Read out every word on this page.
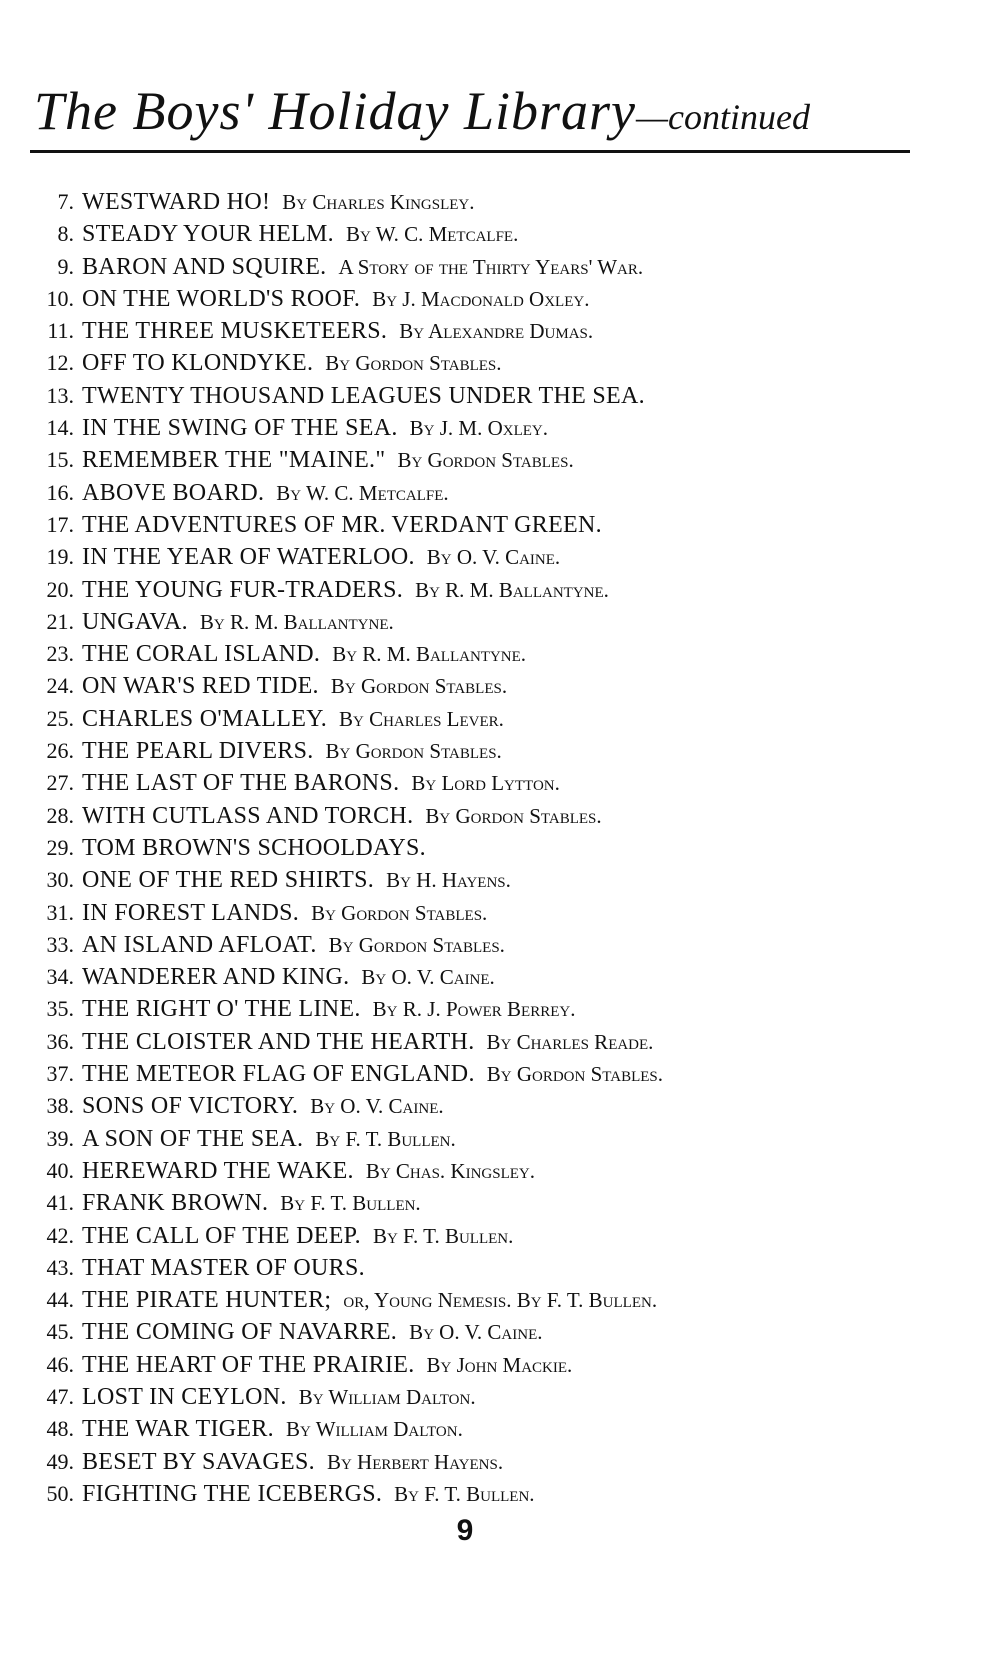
The Boys' Holiday Library—continued
7. WESTWARD HO! By Charles Kingsley.
8. STEADY YOUR HELM. By W. C. Metcalfe.
9. BARON AND SQUIRE. A Story of the Thirty Years' War.
10. ON THE WORLD'S ROOF. By J. Macdonald Oxley.
11. THE THREE MUSKETEERS. By Alexandre Dumas.
12. OFF TO KLONDYKE. By Gordon Stables.
13. TWENTY THOUSAND LEAGUES UNDER THE SEA.
14. IN THE SWING OF THE SEA. By J. M. Oxley.
15. REMEMBER THE "MAINE." By Gordon Stables.
16. ABOVE BOARD. By W. C. Metcalfe.
17. THE ADVENTURES OF MR. VERDANT GREEN.
19. IN THE YEAR OF WATERLOO. By O. V. Caine.
20. THE YOUNG FUR-TRADERS. By R. M. Ballantyne.
21. UNGAVA. By R. M. Ballantyne.
23. THE CORAL ISLAND. By R. M. Ballantyne.
24. ON WAR'S RED TIDE. By Gordon Stables.
25. CHARLES O'MALLEY. By Charles Lever.
26. THE PEARL DIVERS. By Gordon Stables.
27. THE LAST OF THE BARONS. By Lord Lytton.
28. WITH CUTLASS AND TORCH. By Gordon Stables.
29. TOM BROWN'S SCHOOLDAYS.
30. ONE OF THE RED SHIRTS. By H. Hayens.
31. IN FOREST LANDS. By Gordon Stables.
33. AN ISLAND AFLOAT. By Gordon Stables.
34. WANDERER AND KING. By O. V. Caine.
35. THE RIGHT O' THE LINE. By R. J. Power Berrey.
36. THE CLOISTER AND THE HEARTH. By Charles Reade.
37. THE METEOR FLAG OF ENGLAND. By Gordon Stables.
38. SONS OF VICTORY. By O. V. Caine.
39. A SON OF THE SEA. By F. T. Bullen.
40. HEREWARD THE WAKE. By Chas. Kingsley.
41. FRANK BROWN. By F. T. Bullen.
42. THE CALL OF THE DEEP. By F. T. Bullen.
43. THAT MASTER OF OURS.
44. THE PIRATE HUNTER; or, Young Nemesis. By F. T. Bullen.
45. THE COMING OF NAVARRE. By O. V. Caine.
46. THE HEART OF THE PRAIRIE. By John Mackie.
47. LOST IN CEYLON. By William Dalton.
48. THE WAR TIGER. By William Dalton.
49. BESET BY SAVAGES. By Herbert Hayens.
50. FIGHTING THE ICEBERGS. By F. T. Bullen.
9
